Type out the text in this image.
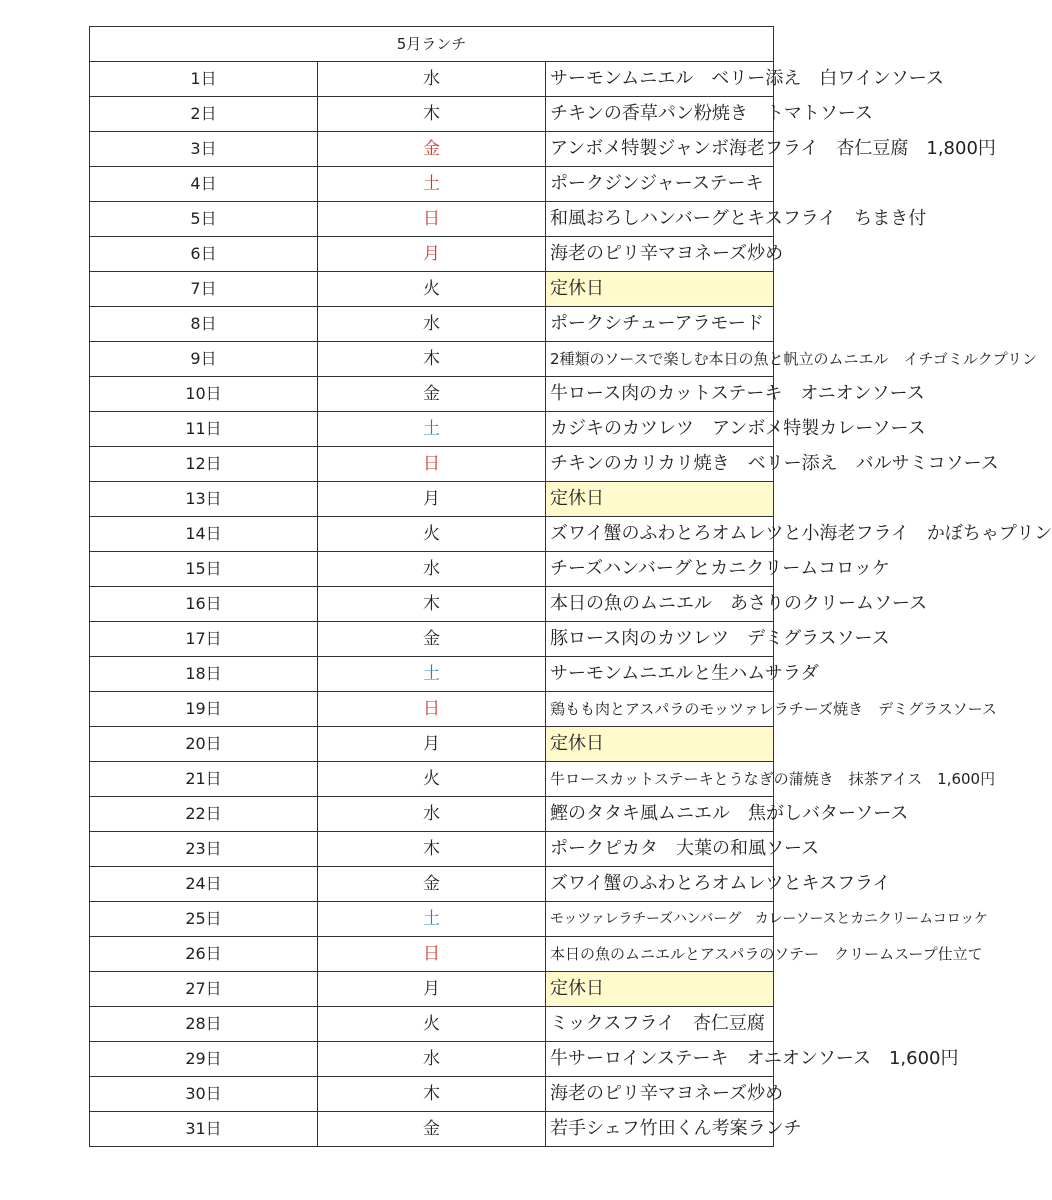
5月ランチ		
1日	水	サーモンムニエル　ベリー添え　白ワインソース
2日	木	チキンの香草パン粉焼き　トマトソース
3日	金	アンボメ特製ジャンボ海老フライ　杏仁豆腐　1,800円
4日	土	ポークジンジャーステーキ
5日	日	和風おろしハンバーグとキスフライ　ちまき付
6日	月	海老のピリ辛マヨネーズ炒め
7日	火	定休日
8日	水	ポークシチューアラモード
9日	木	2種類のソースで楽しむ本日の魚と帆立のムニエル　イチゴミルクプリン
10日	金	牛ロース肉のカットステーキ　オニオンソース
11日	土	カジキのカツレツ　アンボメ特製カレーソース
12日	日	チキンのカリカリ焼き　ベリー添え　バルサミコソース
13日	月	定休日
14日	火	ズワイ蟹のふわとろオムレツと小海老フライ　かぼちゃプリン
15日	水	チーズハンバーグとカニクリームコロッケ
16日	木	本日の魚のムニエル　あさりのクリームソース
17日	金	豚ロース肉のカツレツ　デミグラスソース
18日	土	サーモンムニエルと生ハムサラダ
19日	日	鶏もも肉とアスパラのモッツァレラチーズ焼き　デミグラスソース
20日	月	定休日
21日	火	牛ロースカットステーキとうなぎの蒲焼き　抹茶アイス　1,600円
22日	水	鰹のタタキ風ムニエル　焦がしバターソース
23日	木	ポークピカタ　大葉の和風ソース
24日	金	ズワイ蟹のふわとろオムレツとキスフライ
25日	土	モッツァレラチーズハンバーグ　カレーソースとカニクリームコロッケ
26日	日	本日の魚のムニエルとアスパラのソテー　クリームスープ仕立て
27日	月	定休日
28日	火	ミックスフライ　杏仁豆腐
29日	水	牛サーロインステーキ　オニオンソース　1,600円
30日	木	海老のピリ辛マヨネーズ炒め
31日	金	若手シェフ竹田くん考案ランチ
